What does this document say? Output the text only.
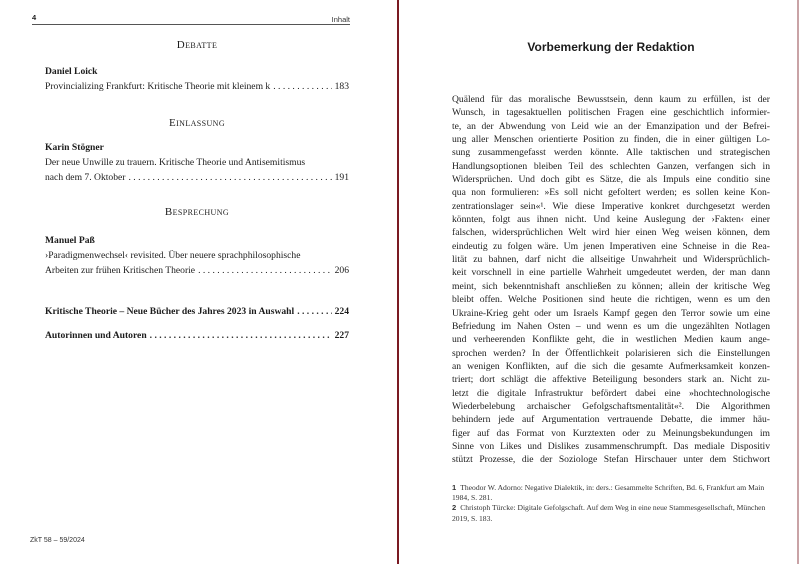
4	Inhalt
Debatte
Daniel Loick
Provincializing Frankfurt: Kritische Theorie mit kleinem k . . .	183
Einlassung
Karin Stögner
Der neue Unwille zu trauern. Kritische Theorie und Antisemitismus
nach dem 7. Oktober . . .	191
Besprechung
Manuel Paß
›Paradigmenwechsel‹ revisited. Über neuere sprachphilosophische
Arbeiten zur frühen Kritischen Theorie . . .	206
Kritische Theorie – Neue Bücher des Jahres 2023 in Auswahl . . .	224
Autorinnen und Autoren . . .	227
ZkT 58 – 59/2024
Vorbemerkung der Redaktion
Quälend für das moralische Bewusstsein, denn kaum zu erfüllen, ist der
Wunsch, in tagesaktuellen politischen Fragen eine geschichtlich informier-
te, an der Abwendung von Leid wie an der Emanzipation und der Befrei-
ung aller Menschen orientierte Position zu finden, die in einer gültigen Lo-
sung zusammengefasst werden könnte. Alle taktischen und strategischen
Handlungsoptionen bleiben Teil des schlechten Ganzen, verfangen sich in
Widersprüchen. Und doch gibt es Sätze, die als Impuls eine conditio sine
qua non formulieren: »Es soll nicht gefoltert werden; es sollen keine Kon-
zentrationslager sein«¹. Wie diese Imperative konkret durchgesetzt werden
könnten, folgt aus ihnen nicht. Und keine Auslegung der ›Fakten‹ einer
falschen, widersprüchlichen Welt wird hier einen Weg weisen können, dem
eindeutig zu folgen wäre. Um jenen Imperativen eine Schneise in die Rea-
lität zu bahnen, darf nicht die allseitige Unwahrheit und Widersprüchlich-
keit vorschnell in eine partielle Wahrheit umgedeutet werden, der man dann
meint, sich bekenntnishaft anschließen zu können; allein der kritische Weg
bleibt offen. Welche Positionen sind heute die richtigen, wenn es um den
Ukraine-Krieg geht oder um Israels Kampf gegen den Terror sowie um eine
Befriedung im Nahen Osten – und wenn es um die ungezählten Notlagen
und verheerenden Konflikte geht, die in westlichen Medien kaum ange-
sprochen werden? In der Öffentlichkeit polarisieren sich die Einstellungen
an wenigen Konflikten, auf die sich die gesamte Aufmerksamkeit konzen-
triert; dort schlägt die affektive Beteiligung besonders stark an. Nicht zu-
letzt die digitale Infrastruktur befördert dabei eine »hochtechnologische
Wiederbelebung archaischer Gefolgschaftsmentalität«². Die Algorithmen
behindern jede auf Argumentation vertrauende Debatte, die immer häu-
figer auf das Format von Kurztexten oder zu Meinungsbekundungen im
Sinne von Likes und Dislikes zusammenschrumpft. Das mediale Dispositiv
stützt Prozesse, die der Soziologe Stefan Hirschauer unter dem Stichwort
1 Theodor W. Adorno: Negative Dialektik, in: ders.: Gesammelte Schriften, Bd. 6, Frankfurt am Main 1984, S. 281.
2 Christoph Türcke: Digitale Gefolgschaft. Auf dem Weg in eine neue Stammesgesellschaft, München 2019, S. 183.
